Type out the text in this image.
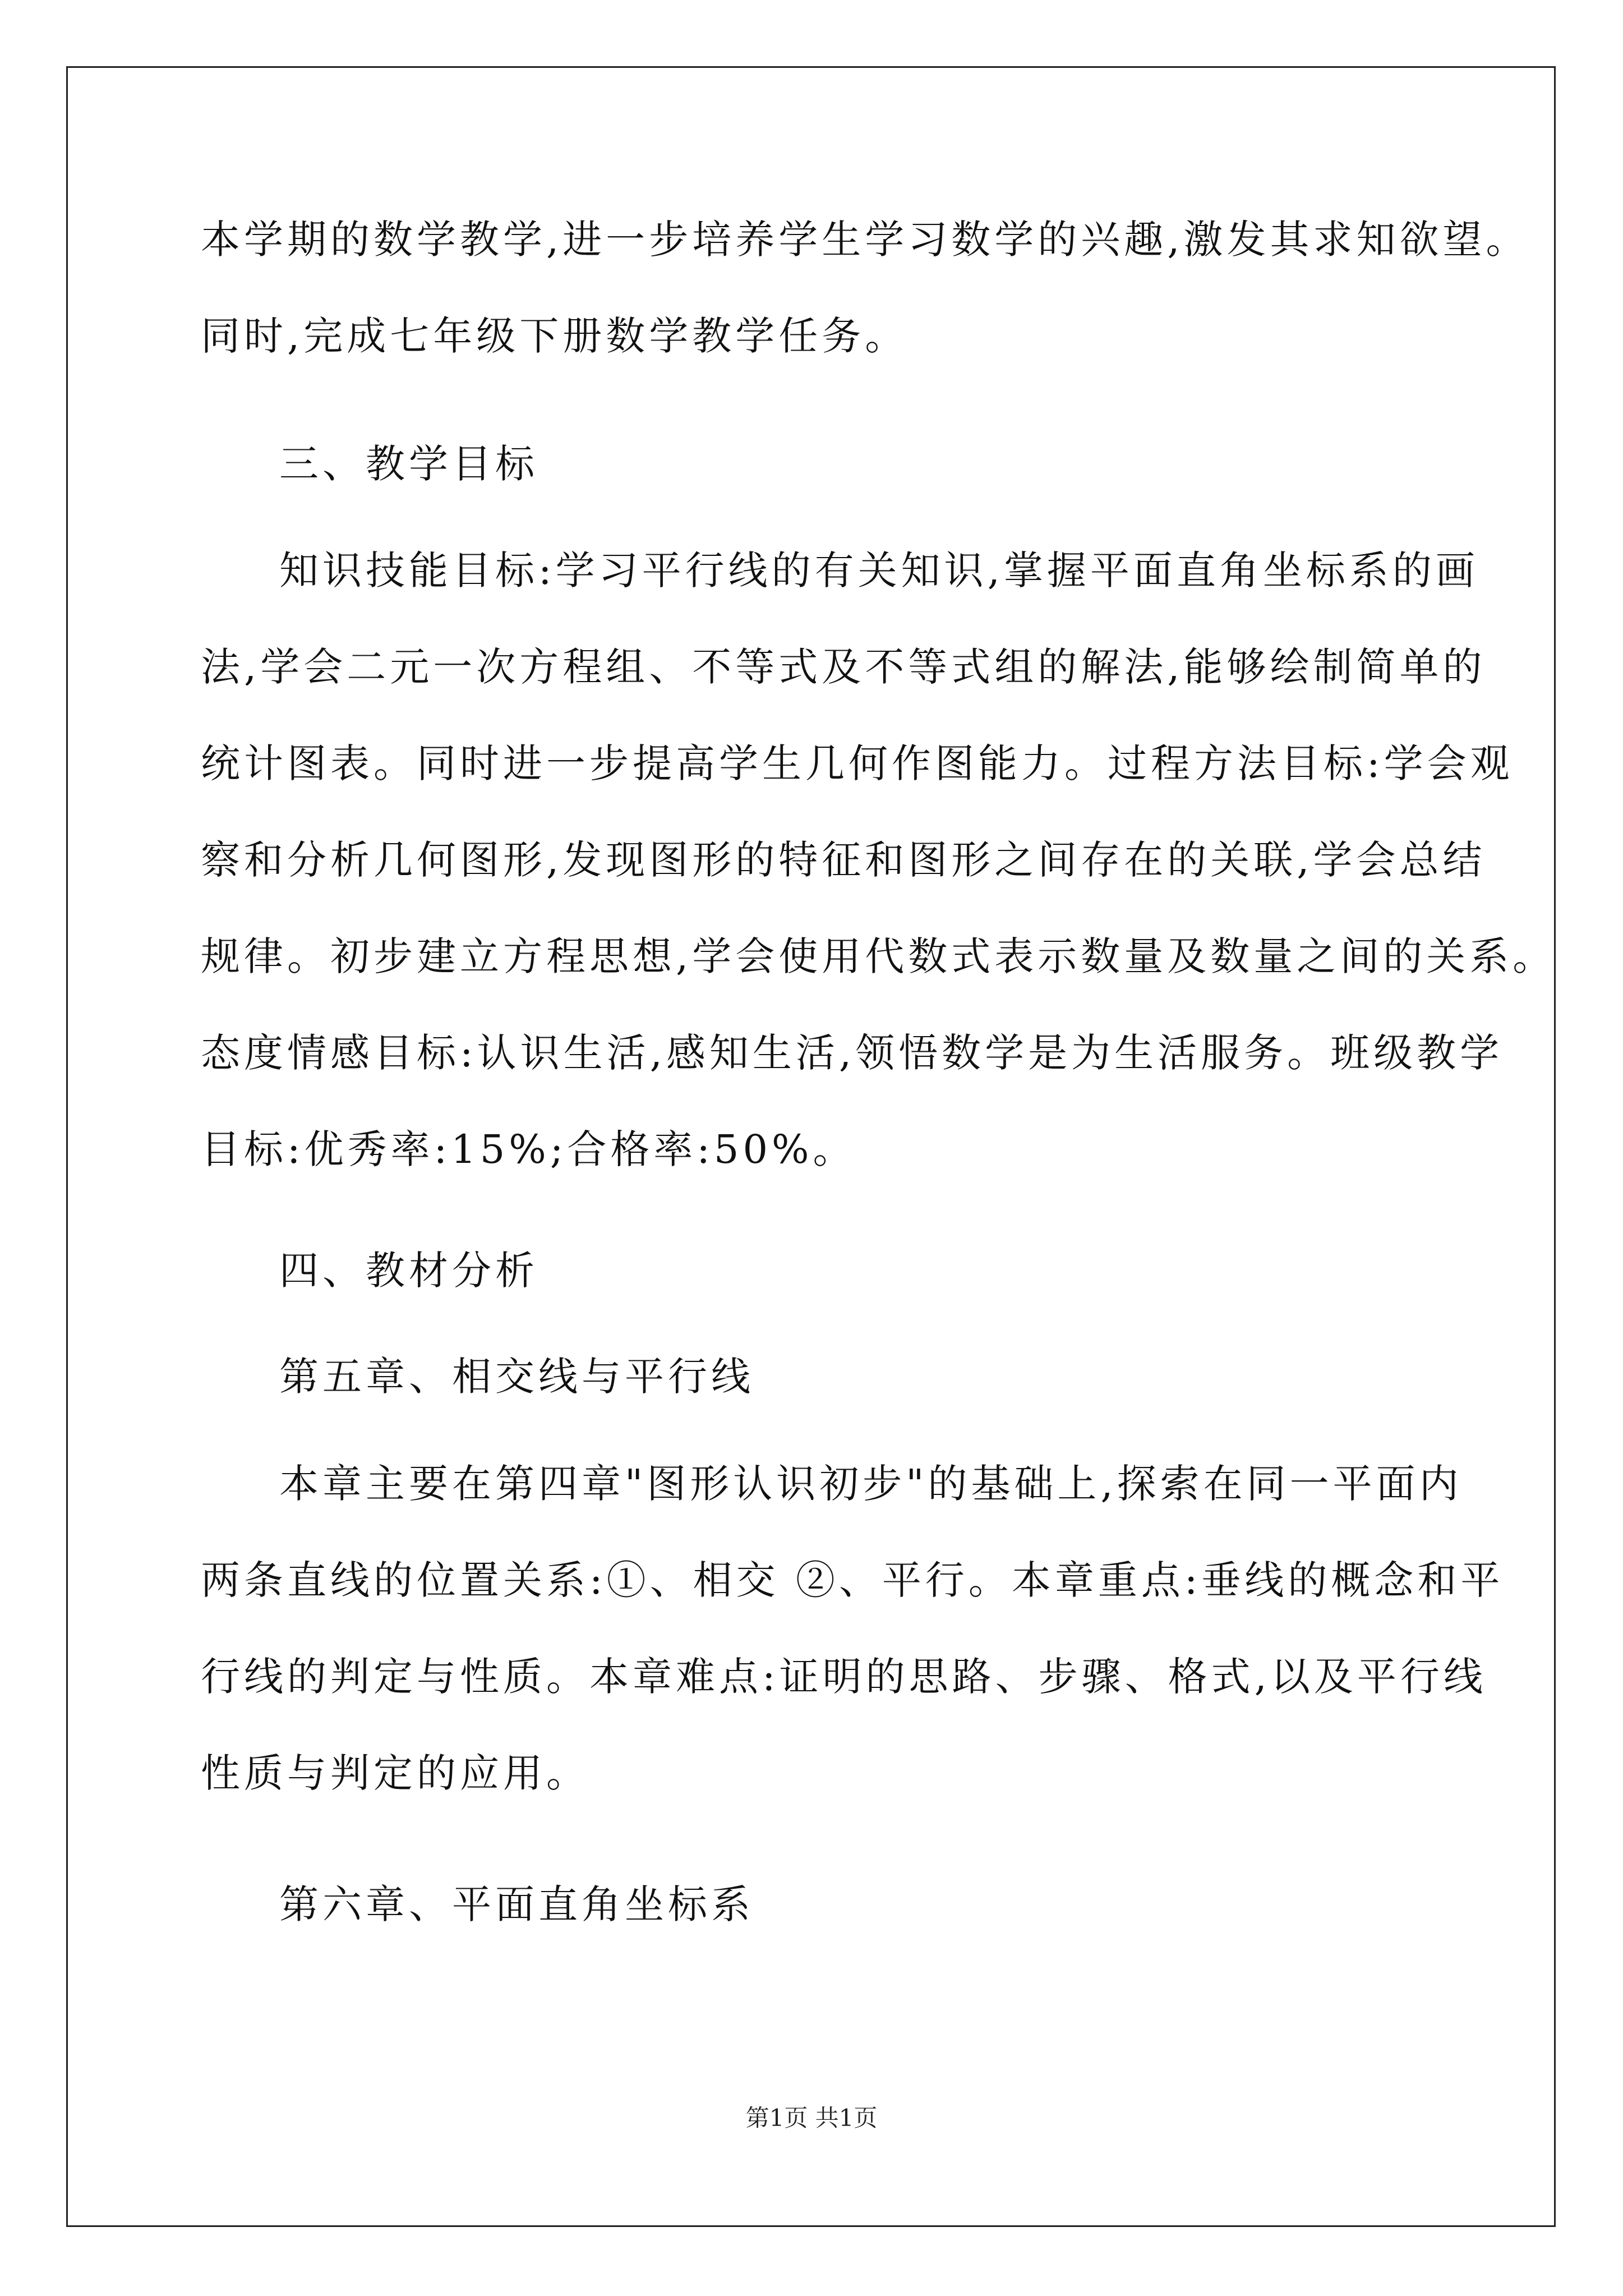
本学期的数学教学,进一步培养学生学习数学的兴趣,激发其求知欲望。
同时,完成七年级下册数学教学任务。
三、教学目标
知识技能目标:学习平行线的有关知识,掌握平面直角坐标系的画
法,学会二元一次方程组、不等式及不等式组的解法,能够绘制简单的
统计图表。同时进一步提高学生几何作图能力。过程方法目标:学会观
察和分析几何图形,发现图形的特征和图形之间存在的关联,学会总结
规律。初步建立方程思想,学会使用代数式表示数量及数量之间的关系。
态度情感目标:认识生活,感知生活,领悟数学是为生活服务。班级教学
目标:优秀率:15%;合格率:50%。
四、教材分析
第五章、相交线与平行线
本章主要在第四章"图形认识初步"的基础上,探索在同一平面内
两条直线的位置关系:①、相交 ②、平行。本章重点:垂线的概念和平
行线的判定与性质。本章难点:证明的思路、步骤、格式,以及平行线
性质与判定的应用。
第六章、平面直角坐标系
第1页 共1页
